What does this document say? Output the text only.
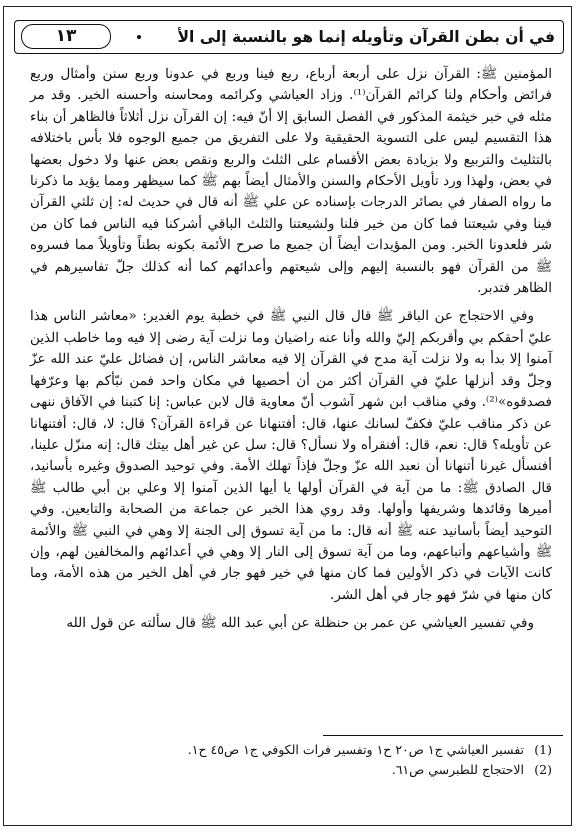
في أن بطن القرآن وتأويله إنما هو بالنسبة إلى الأ
١٣

المؤمنين ﷺ: القرآن نزل على أربعة أرباع، ربع فينا وربع في عدونا وربع سنن وأمثال وربع فرائض وأحكام ولنا كرائم القرآن⁽¹⁾. وزاد العياشي وكرائمه ومحاسنه وأحسنه الخير. وقد مر مثله في خبر خيثمة المذكور في الفصل السابق إلا أنّ فيه: إن القرآن نزل أثلاثاً فالظاهر أن بناء هذا التقسيم ليس على التسوية الحقيقية ولا على التفريق من جميع الوجوه فلا بأس باختلافه بالتثليث والتربيع ولا بزيادة بعض الأقسام على الثلث والربع ونقص بعض عنها ولا دخول بعضها في بعض، ولهذا ورد تأويل الأحكام والسنن والأمثال أيضاً بهم ﷺ كما سيظهر ومما يؤيد ما ذكرنا ما رواه الصفار في بصائر الدرجات بإسناده عن علي ﷺ أنه قال في حديث له: إن ثلثي القرآن فينا وفي شيعتنا فما كان من خير فلنا ولشيعتنا والثلث الباقي أشركنا فيه الناس فما كان من شر فلعدونا الخبر. ومن المؤيدات أيضاً أن جميع ما صرح الأئمة بكونه بطناً وتأويلاً مما فسروه ﷺ من القرآن فهو بالنسبة إليهم وإلى شيعتهم وأعدائهم كما أنه كذلك جلّ تفاسيرهم في الظاهر فتدبر.

وفي الاحتجاج عن الباقر ﷺ قال قال النبي ﷺ في خطبة يوم الغدير: «معاشر الناس هذا عليّ أحقكم بي وأقربكم إليّ والله وأنا عنه راضيان وما نزلت آية رضى إلا فيه وما خاطب الذين آمنوا إلا بدأ به ولا نزلت آية مدح في القرآن إلا فيه معاشر الناس، إن فضائل عليّ عند الله عزّ وجلّ وقد أنزلها عليّ في القرآن أكثر من أن أحصيها في مكان واحد فمن نبّأكم بها وعرّفها فصدقوه»⁽²⁾. وفي مناقب ابن شهر آشوب أنّ معاوية قال لابن عباس: إنا كتبنا في الآفاق ننهى عن ذكر مناقب عليّ فكفّ لسانك عنها، قال: أفتنهانا عن قراءة القرآن؟ قال: لا، قال: أفتنهانا عن تأويله؟ قال: نعم، قال: أفنقرأه ولا نسأل؟ قال: سل عن غير أهل بيتك قال: إنه منزّل علينا، أفنسأل غيرنا أتنهانا أن نعبد الله عزّ وجلّ فإذاً تهلك الأمة. وفي توحيد الصدوق وغيره بأسانيد، قال الصادق ﷺ: ما من آية في القرآن أولها يا أيها الذين آمنوا إلا وعلي بن أبي طالب ﷺ أميرها وقائدها وشريفها وأولها. وقد روي هذا الخبر عن جماعة من الصحابة والتابعين. وفي التوحيد أيضاً بأسانيد عنه ﷺ أنه قال: ما من آية تسوق إلى الجنة إلا وهي في النبي ﷺ والأئمة ﷺ وأشياعهم وأتباعهم، وما من آية تسوق إلى النار إلا وهي في أعدائهم والمخالفين لهم، وإن كانت الآيات في ذكر الأولين فما كان منها في خير فهو جار في أهل الخير من هذه الأمة، وما كان منها في شرّ فهو جار في أهل الشر.

وفي تفسير العياشي عن عمر بن حنظلة عن أبي عبد الله ﷺ قال سألته عن قول الله

(1) تفسير العياشي ج١ ص٢٠ ح١ وتفسير فرات الكوفي ج١ ص٤٥ ح١.
(2) الاحتجاج للطبرسي ص٦١.
